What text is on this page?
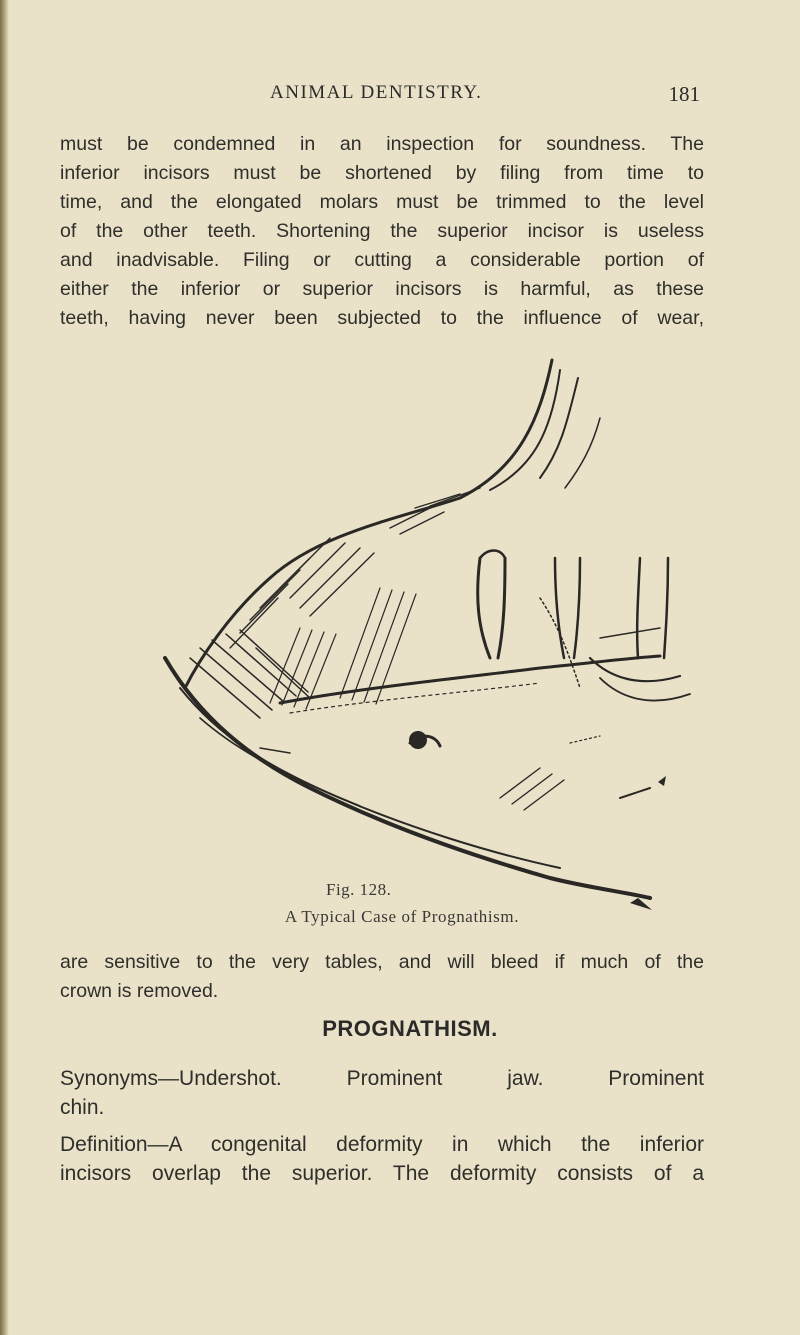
ANIMAL DENTISTRY.	181
must be condemned in an inspection for soundness. The
inferior incisors must be shortened by filing from time to
time, and the elongated molars must be trimmed to the level
of the other teeth. Shortening the superior incisor is useless
and inadvisable. Filing or cutting a considerable portion of
either the inferior or superior incisors is harmful, as these
teeth, having never been subjected to the influence of wear,
Fig. 128.
A Typical Case of Prognathism.
are sensitive to the very tables, and will bleed if much of the
crown is removed.
PROGNATHISM.
Synonyms—Undershot. Prominent jaw. Prominent
chin.
Definition—A congenital deformity in which the inferior
incisors overlap the superior. The deformity consists of a
